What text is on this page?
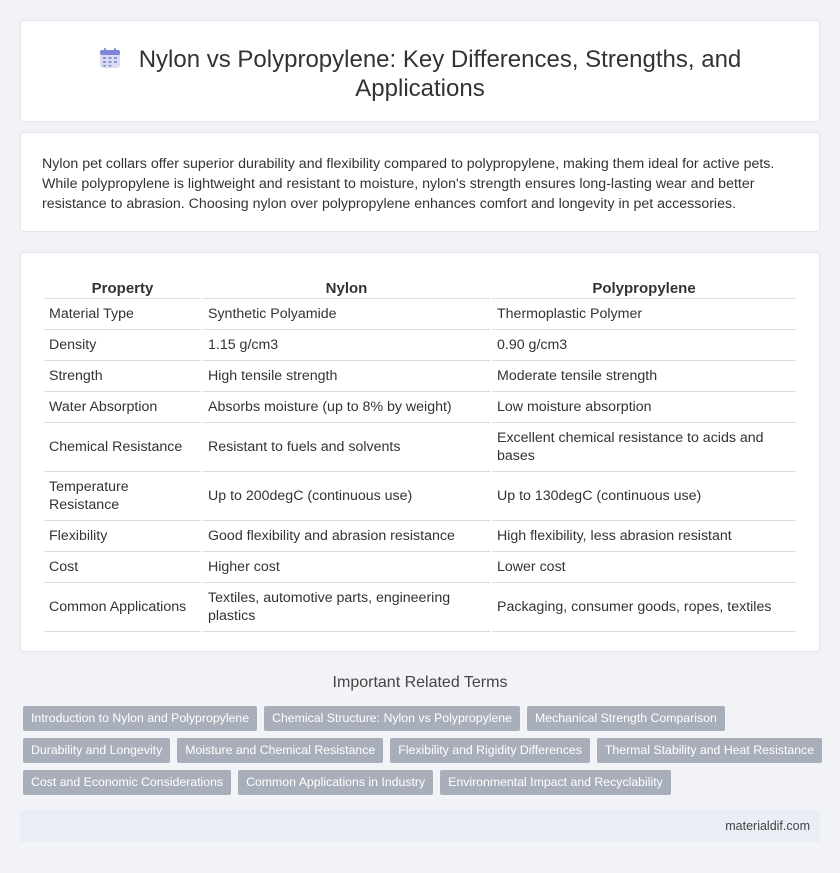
Nylon vs Polypropylene: Key Differences, Strengths, and Applications

Nylon pet collars offer superior durability and flexibility compared to polypropylene, making them ideal for active pets. While polypropylene is lightweight and resistant to moisture, nylon's strength ensures long-lasting wear and better resistance to abrasion. Choosing nylon over polypropylene enhances comfort and longevity in pet accessories.

Property	Nylon	Polypropylene
Material Type	Synthetic Polyamide	Thermoplastic Polymer
Density	1.15 g/cm3	0.90 g/cm3
Strength	High tensile strength	Moderate tensile strength
Water Absorption	Absorbs moisture (up to 8% by weight)	Low moisture absorption
Chemical Resistance	Resistant to fuels and solvents	Excellent chemical resistance to acids and bases
Temperature Resistance	Up to 200degC (continuous use)	Up to 130degC (continuous use)
Flexibility	Good flexibility and abrasion resistance	High flexibility, less abrasion resistant
Cost	Higher cost	Lower cost
Common Applications	Textiles, automotive parts, engineering plastics	Packaging, consumer goods, ropes, textiles
Important Related Terms
Introduction to Nylon and Polypropylene	Chemical Structure: Nylon vs Polypropylene	Mechanical Strength Comparison
Durability and Longevity	Moisture and Chemical Resistance	Flexibility and Rigidity Differences	Thermal Stability and Heat Resistance
Cost and Economic Considerations	Common Applications in Industry	Environmental Impact and Recyclability
materialdif.com
